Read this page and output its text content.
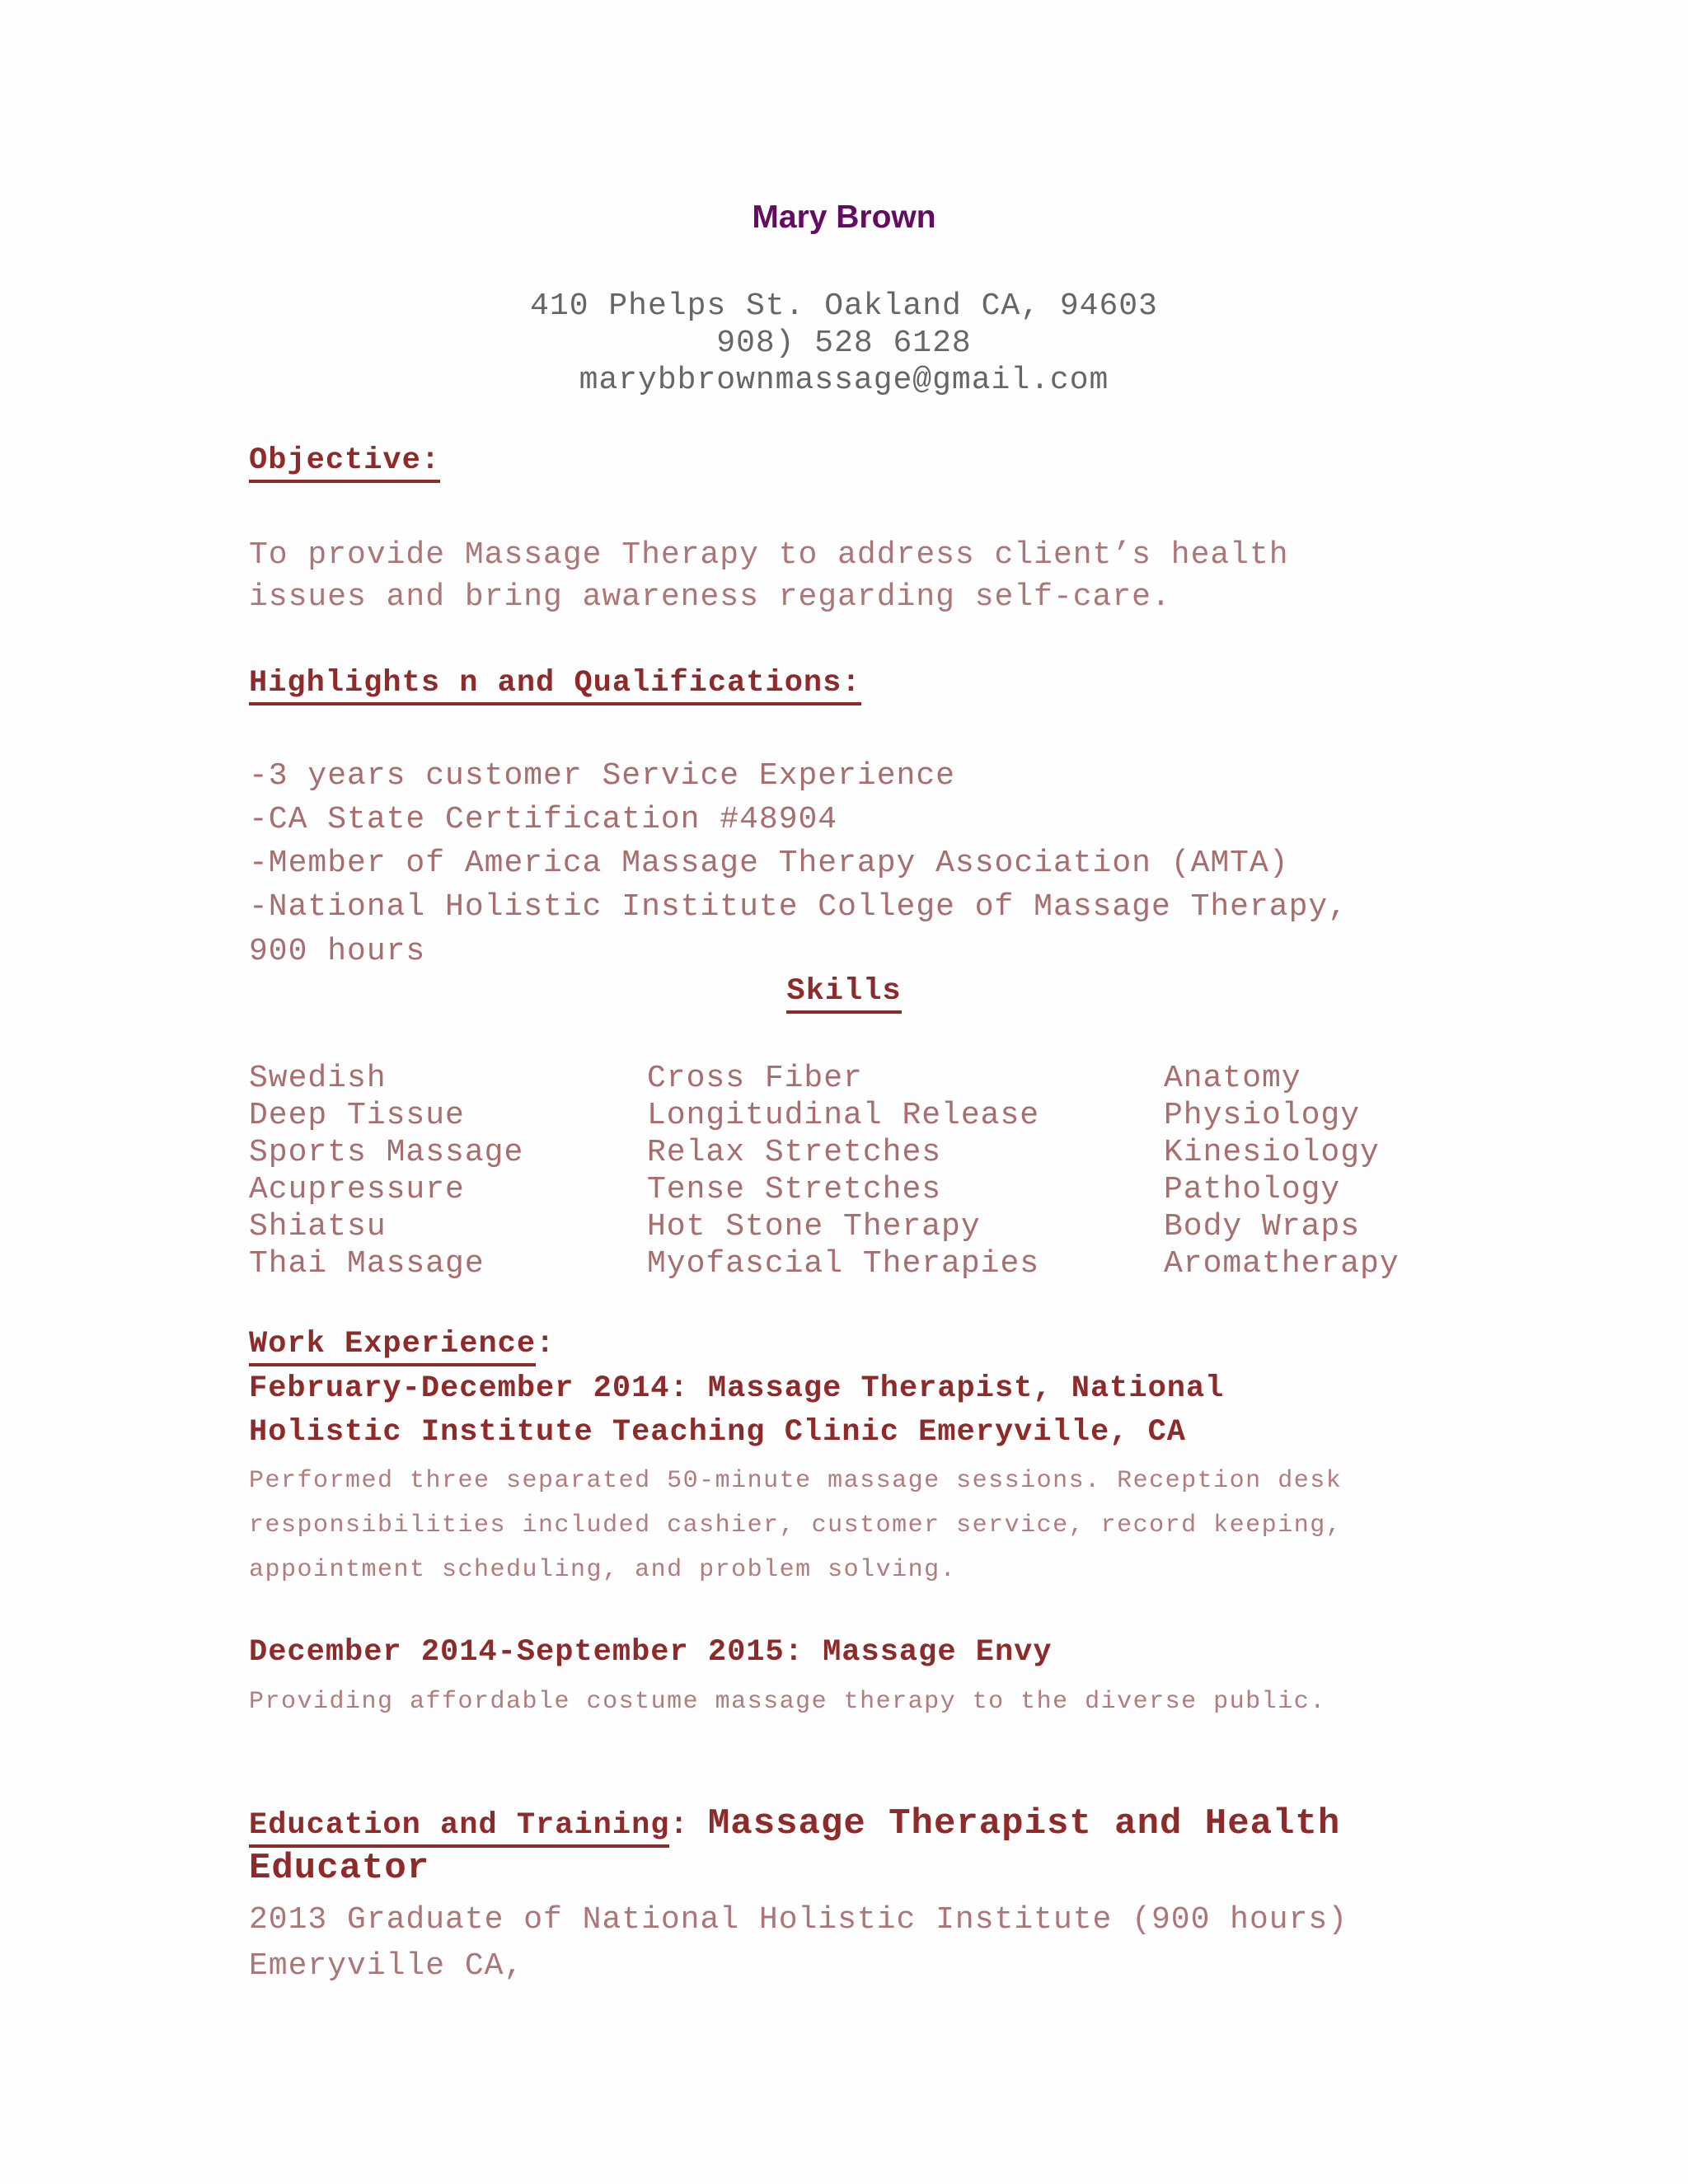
Mary Brown
410 Phelps St. Oakland CA, 94603
908) 528 6128
marybbrownmassage@gmail.com
Objective:
To provide Massage Therapy to address client’s health
issues and bring awareness regarding self-care.
Highlights n and Qualifications:
-3 years customer Service Experience
-CA State Certification #48904
-Member of America Massage Therapy Association (AMTA)
-National Holistic Institute College of Massage Therapy,
900 hours
Skills
Swedish
Deep Tissue
Sports Massage
Acupressure
Shiatsu
Thai Massage
Cross Fiber
Longitudinal Release
Relax Stretches
Tense Stretches
Hot Stone Therapy
Myofascial Therapies
Anatomy
Physiology
Kinesiology
Pathology
Body Wraps
Aromatherapy
Work Experience:
February-December 2014: Massage Therapist, National
Holistic Institute Teaching Clinic Emeryville, CA
Performed three separated 50-minute massage sessions. Reception desk
responsibilities included cashier, customer service, record keeping,
appointment scheduling, and problem solving.
December 2014-September 2015: Massage Envy
Providing affordable costume massage therapy to the diverse public.
Education and Training: Massage Therapist and Health
Educator
2013 Graduate of National Holistic Institute (900 hours)
Emeryville CA,
